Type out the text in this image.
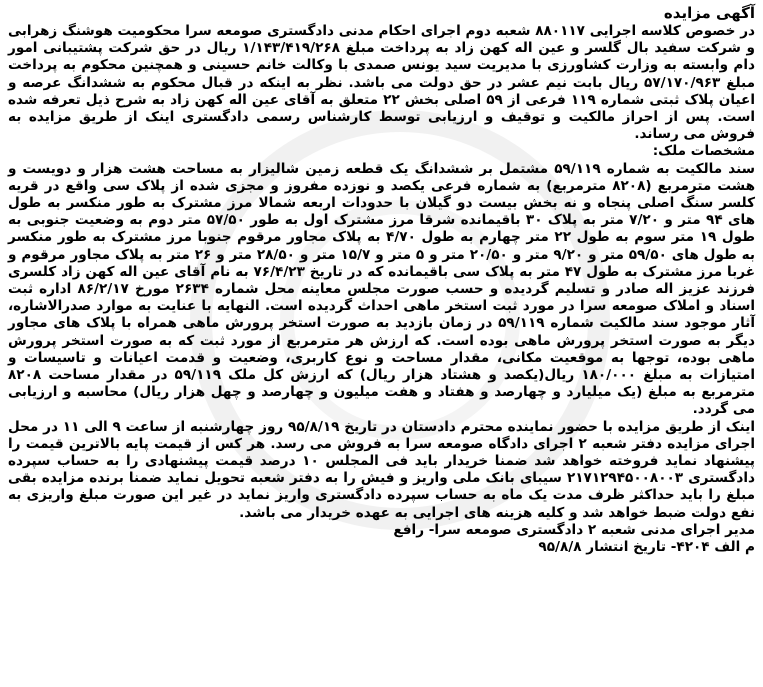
آگهی مزایده
در خصوص کلاسه اجرایی ۸۸۰۱۱۷ شعبه دوم اجرای احکام مدنی دادگستری صومعه سرا محکومیت هوشنگ زهرابی و شرکت سفید بال گلسر و عین اله کهن زاد به پرداخت مبلغ ۱/۱۴۳/۴۱۹/۲۶۸ ریال در حق شرکت پشتیبانی امور دام وابسته به وزارت کشاورزی با مدیریت سید یونس صمدی با وکالت خانم حسینی و همچنین محکوم به پرداخت مبلغ ۵۷/۱۷۰/۹۶۳ ریال بابت نیم عشر در حق دولت می باشد. نظر به اینکه در قبال محکوم به ششدانگ عرصه و اعیان پلاک ثبتی شماره ۱۱۹ فرعی از ۵۹ اصلی بخش ۲۲ متعلق به آقای عین اله کهن زاد به شرح ذیل تعرفه شده است. پس از احراز مالکیت و توقیف و ارزیابی توسط کارشناس رسمی دادگستری اینک از طریق مزایده به فروش می رساند.
مشخصات ملک:
سند مالکیت به شماره ۵۹/۱۱۹ مشتمل بر ششدانگ یک قطعه زمین شالیزار به مساحت هشت هزار و دویست و هشت مترمربع (۸۲۰۸ مترمربع) به شماره فرعی یکصد و نوزده مفروز و مجزی شده از پلاک سی واقع در قریه کلسر سنگ اصلی پنجاه و نه بخش بیست دو گیلان با حدودات اربعه شمالا مرز مشترک به طور منکسر به طول های ۹۴ متر و ۷/۲۰ متر به پلاک ۳۰ باقیمانده شرقا مرز مشترک اول به طور ۵۷/۵۰ متر دوم به وضعیت جنوبی به طول ۱۹ متر سوم به طول ۲۲ متر چهارم به طول ۴/۷۰ به پلاک مجاور مرقوم جنوبا مرز مشترک به طور منکسر به طول های ۵۹/۵۰ متر و ۹/۲۰ متر و ۲۰/۵۰ متر و ۵ متر و ۱۵/۷ متر و ۲۸/۵۰ متر و ۲۶ متر به پلاک مجاور مرقوم و غربا مرز مشترک به طول ۴۷ متر به پلاک سی باقیمانده که در تاریخ ۷۶/۴/۲۳ به نام آقای عین اله کهن زاد کلسری فرزند عزیز اله صادر و تسلیم گردیده و حسب صورت مجلس معاینه محل شماره ۲۶۳۴ مورخ ۸۶/۲/۱۷ اداره ثبت اسناد و املاک صومعه سرا در مورد ثبت استخر ماهی احداث گردیده است. النهایه با عنایت به موارد صدرالاشاره، آثار موجود سند مالکیت شماره ۵۹/۱۱۹ در زمان بازدید به صورت استخر پرورش ماهی همراه با پلاک های مجاور دیگر به صورت استخر پرورش ماهی بوده است. که ارزش هر مترمربع از مورد ثبت که به صورت استخر پرورش ماهی بوده، توجها به موقعیت مکانی، مقدار مساحت و نوع کاربری، وضعیت و قدمت اعیانات و تاسیسات و امتیازات به مبلغ ۱۸۰/۰۰۰ ریال(یکصد و هشتاد هزار ریال) که ارزش کل ملک ۵۹/۱۱۹ در مقدار مساحت ۸۲۰۸ مترمربع به مبلغ (یک میلیارد و چهارصد و هفتاد و هفت میلیون و چهارصد و چهل هزار ریال) محاسبه و ارزیابی می گردد.
اینک از طریق مزایده با حضور نماینده محترم دادستان در تاریخ ۹۵/۸/۱۹ روز چهارشنبه از ساعت ۹ الی ۱۱ در محل اجرای مزایده دفتر شعبه ۲ اجرای دادگاه صومعه سرا به فروش می رسد. هر کس از قیمت پایه بالاترین قیمت را پیشنهاد نماید فروخته خواهد شد ضمنا خریدار باید فی المجلس ۱۰ درصد قیمت پیشنهادی را به حساب سپرده دادگستری ۲۱۷۱۲۹۴۵۰۰۸۰۰۳ سیبای بانک ملی واریز و فیش را به دفتر شعبه تحویل نماید ضمنا برنده مزایده بقی مبلغ را باید حداکثر ظرف مدت یک ماه به حساب سپرده دادگستری واریز نماید در غیر این صورت مبلغ واریزی به نفع دولت ضبط خواهد شد و کلیه هزینه های اجرایی به عهده خریدار می باشد.
مدیر اجرای مدنی شعبه ۲ دادگستری صومعه سرا- رافع
م الف ۴۲۰۴- تاریخ انتشار ۹۵/۸/۸
